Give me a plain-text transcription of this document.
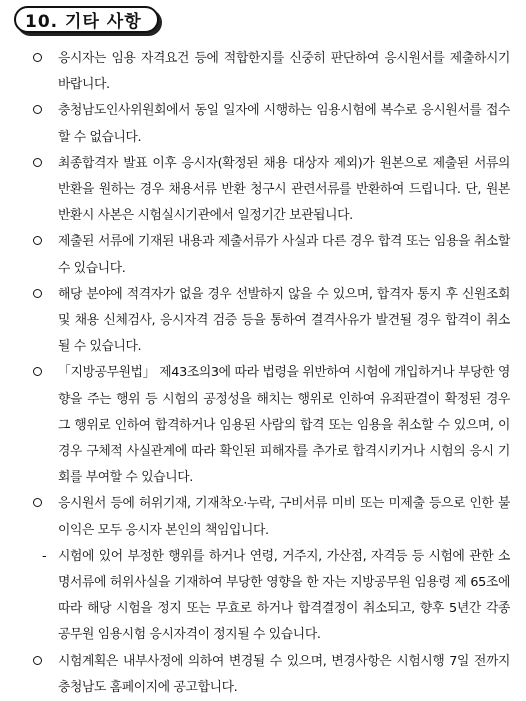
10. 기타 사항
응시자는 임용 자격요건 등에 적합한지를 신중히 판단하여 응시원서를 제출하시기 바랍니다.
충청남도인사위원회에서 동일 일자에 시행하는 임용시험에 복수로 응시원서를 접수할 수 없습니다.
최종합격자 발표 이후 응시자(확정된 채용 대상자 제외)가 원본으로 제출된 서류의 반환을 원하는 경우 채용서류 반환 청구시 관련서류를 반환하여 드립니다. 단, 원본 반환시 사본은 시험실시기관에서 일정기간 보관됩니다.
제출된 서류에 기재된 내용과 제출서류가 사실과 다른 경우 합격 또는 임용을 취소할 수 있습니다.
해당 분야에 적격자가 없을 경우 선발하지 않을 수 있으며, 합격자 통지 후 신원조회 및 채용 신체검사, 응시자격 검증 등을 통하여 결격사유가 발견될 경우 합격이 취소될 수 있습니다.
「지방공무원법」 제43조의3에 따라 법령을 위반하여 시험에 개입하거나 부당한 영향을 주는 행위 등 시험의 공정성을 해치는 행위로 인하여 유죄판결이 확정된 경우 그 행위로 인하여 합격하거나 임용된 사람의 합격 또는 임용을 취소할 수 있으며, 이 경우 구체적 사실관계에 따라 확인된 피해자를 추가로 합격시키거나 시험의 응시 기회를 부여할 수 있습니다.
응시원서 등에 허위기재, 기재착오·누락, 구비서류 미비 또는 미제출 등으로 인한 불이익은 모두 응시자 본인의 책임입니다.
- 시험에 있어 부정한 행위를 하거나 연령, 거주지, 가산점, 자격등 등 시험에 관한 소명서류에 허위사실을 기재하여 부당한 영향을 한 자는 지방공무원 임용령 제 65조에 따라 해당 시험을 정지 또는 무효로 하거나 합격결정이 취소되고, 향후 5년간 각종 공무원 임용시험 응시자격이 정지될 수 있습니다.
시험계획은 내부사정에 의하여 변경될 수 있으며, 변경사항은 시험시행 7일 전까지 충청남도 홈페이지에 공고합니다.
